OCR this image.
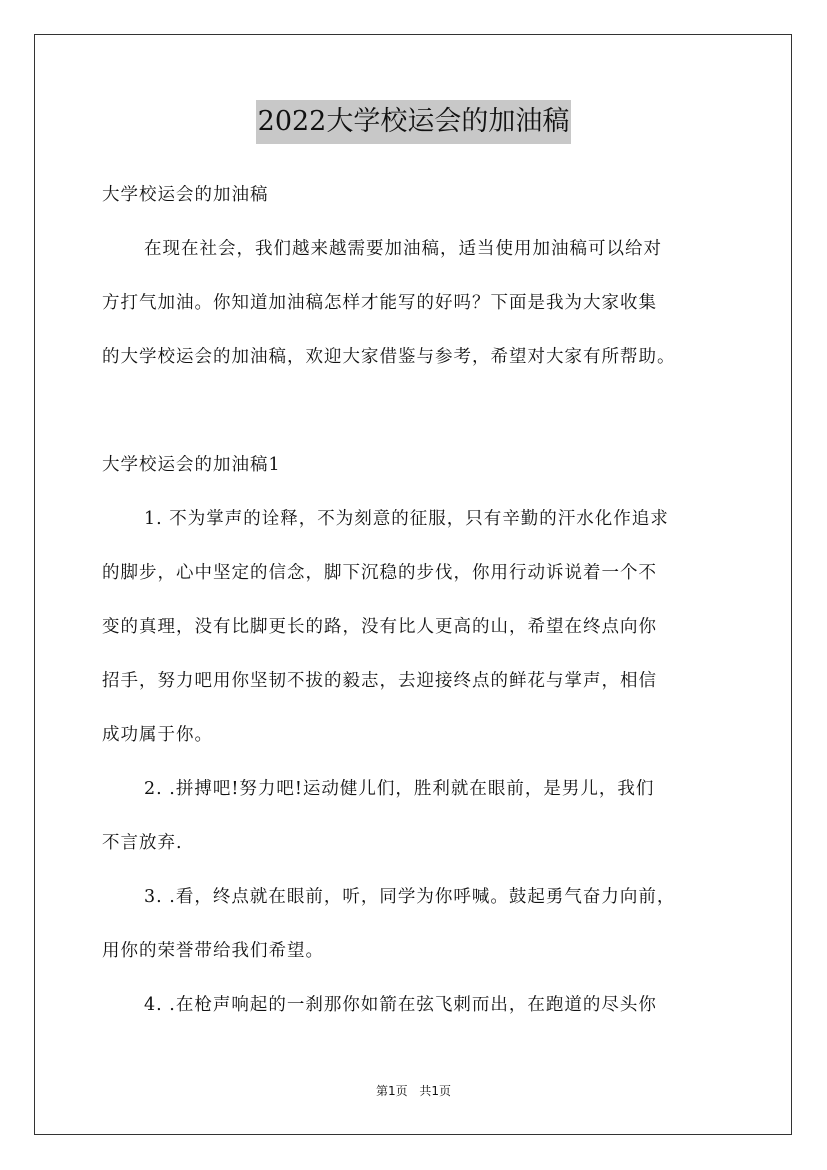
2022大学校运会的加油稿
大学校运会的加油稿
在现在社会，我们越来越需要加油稿，适当使用加油稿可以给对
方打气加油。你知道加油稿怎样才能写的好吗？下面是我为大家收集
的大学校运会的加油稿，欢迎大家借鉴与参考，希望对大家有所帮助。
大学校运会的加油稿1
1. 不为掌声的诠释，不为刻意的征服，只有辛勤的汗水化作追求
的脚步，心中坚定的信念，脚下沉稳的步伐，你用行动诉说着一个不
变的真理，没有比脚更长的路，没有比人更高的山，希望在终点向你
招手，努力吧用你坚韧不拔的毅志，去迎接终点的鲜花与掌声，相信
成功属于你。
2. .拼搏吧!努力吧!运动健儿们，胜利就在眼前，是男儿，我们
不言放弃.
3. .看，终点就在眼前，听，同学为你呼喊。鼓起勇气奋力向前，
用你的荣誉带给我们希望。
4. .在枪声响起的一刹那你如箭在弦飞刺而出，在跑道的尽头你
第1页 共1页
